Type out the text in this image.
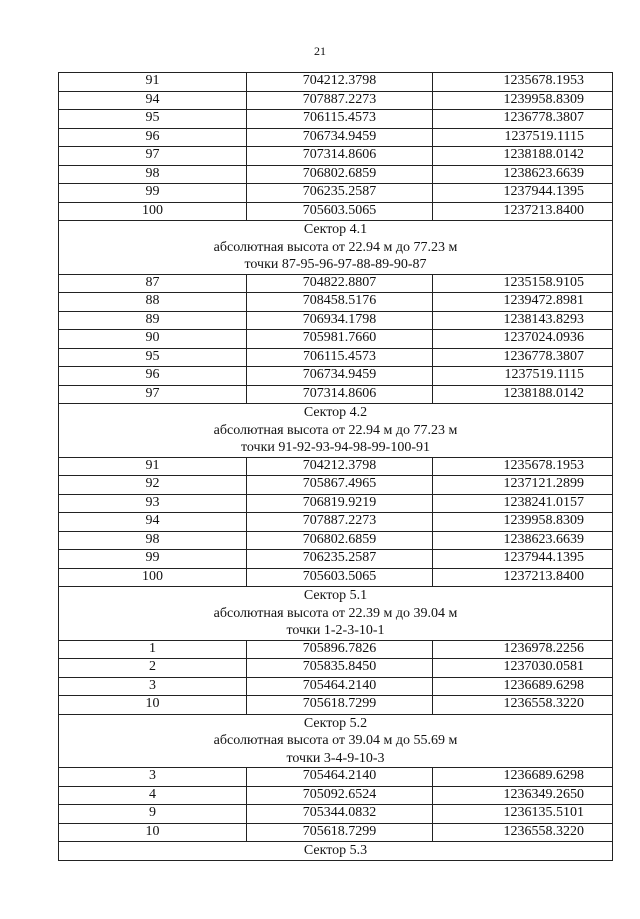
21
91	704212.3798	1235678.1953
94	707887.2273	1239958.8309
95	706115.4573	1236778.3807
96	706734.9459	1237519.1115
97	707314.8606	1238188.0142
98	706802.6859	1238623.6639
99	706235.2587	1237944.1395
100	705603.5065	1237213.8400
Сектор 4.1
абсолютная высота от 22.94 м до 77.23 м
точки 87-95-96-97-88-89-90-87
87	704822.8807	1235158.9105
88	708458.5176	1239472.8981
89	706934.1798	1238143.8293
90	705981.7660	1237024.0936
95	706115.4573	1236778.3807
96	706734.9459	1237519.1115
97	707314.8606	1238188.0142
Сектор 4.2
абсолютная высота от 22.94 м до 77.23 м
точки 91-92-93-94-98-99-100-91
91	704212.3798	1235678.1953
92	705867.4965	1237121.2899
93	706819.9219	1238241.0157
94	707887.2273	1239958.8309
98	706802.6859	1238623.6639
99	706235.2587	1237944.1395
100	705603.5065	1237213.8400
Сектор 5.1
абсолютная высота от 22.39 м до 39.04 м
точки 1-2-3-10-1
1	705896.7826	1236978.2256
2	705835.8450	1237030.0581
3	705464.2140	1236689.6298
10	705618.7299	1236558.3220
Сектор 5.2
абсолютная высота от 39.04 м до 55.69 м
точки 3-4-9-10-3
3	705464.2140	1236689.6298
4	705092.6524	1236349.2650
9	705344.0832	1236135.5101
10	705618.7299	1236558.3220
Сектор 5.3
